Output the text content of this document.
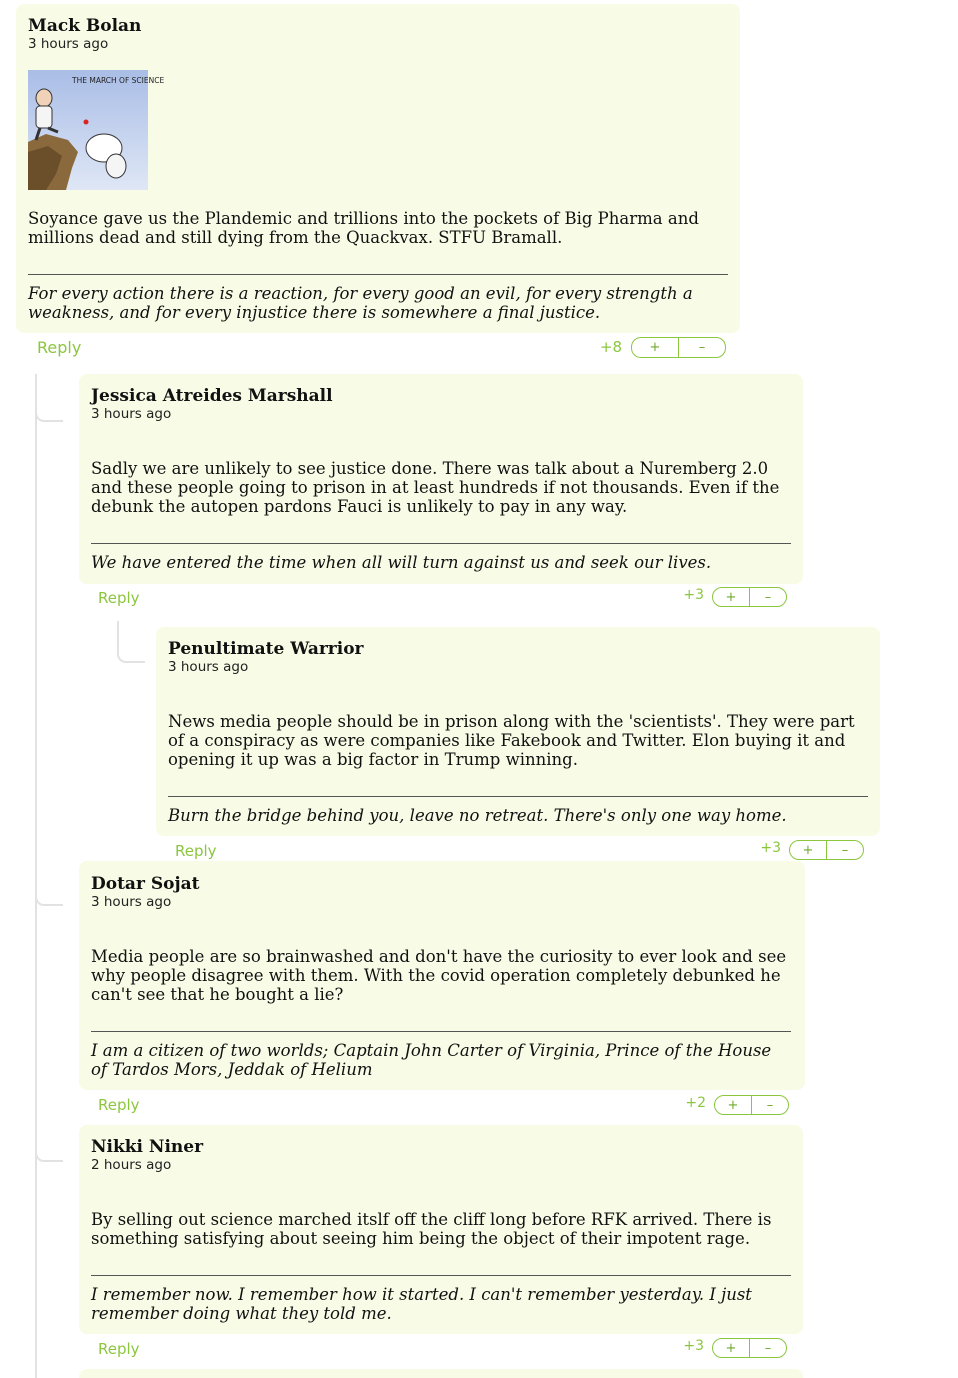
Mack Bolan
3 hours ago
THE MARCH OF SCIENCE
Soyance gave us the Plandemic and trillions into the pockets of Big Pharma and millions dead and still dying from the Quackvax. STFU Bramall.
For every action there is a reaction, for every good an evil, for every strength a weakness, and for every injustice there is somewhere a final justice.
Reply	+8	+	–
Jessica Atreides Marshall
3 hours ago
Sadly we are unlikely to see justice done. There was talk about a Nuremberg 2.0 and these people going to prison in at least hundreds if not thousands. Even if the debunk the autopen pardons Fauci is unlikely to pay in any way.
We have entered the time when all will turn against us and seek our lives.
Reply	+3	+	–
Penultimate Warrior
3 hours ago
News media people should be in prison along with the 'scientists'. They were part of a conspiracy as were companies like Fakebook and Twitter. Elon buying it and opening it up was a big factor in Trump winning.
Burn the bridge behind you, leave no retreat. There's only one way home.
Reply	+3	+	–
Dotar Sojat
3 hours ago
Media people are so brainwashed and don't have the curiosity to ever look and see why people disagree with them. With the covid operation completely debunked he can't see that he bought a lie?
I am a citizen of two worlds; Captain John Carter of Virginia, Prince of the House of Tardos Mors, Jeddak of Helium
Reply	+2	+	–
Nikki Niner
2 hours ago
By selling out science marched itslf off the cliff long before RFK arrived. There is something satisfying about seeing him being the object of their impotent rage.
I remember now. I remember how it started. I can't remember yesterday. I just remember doing what they told me.
Reply	+3	+	–
